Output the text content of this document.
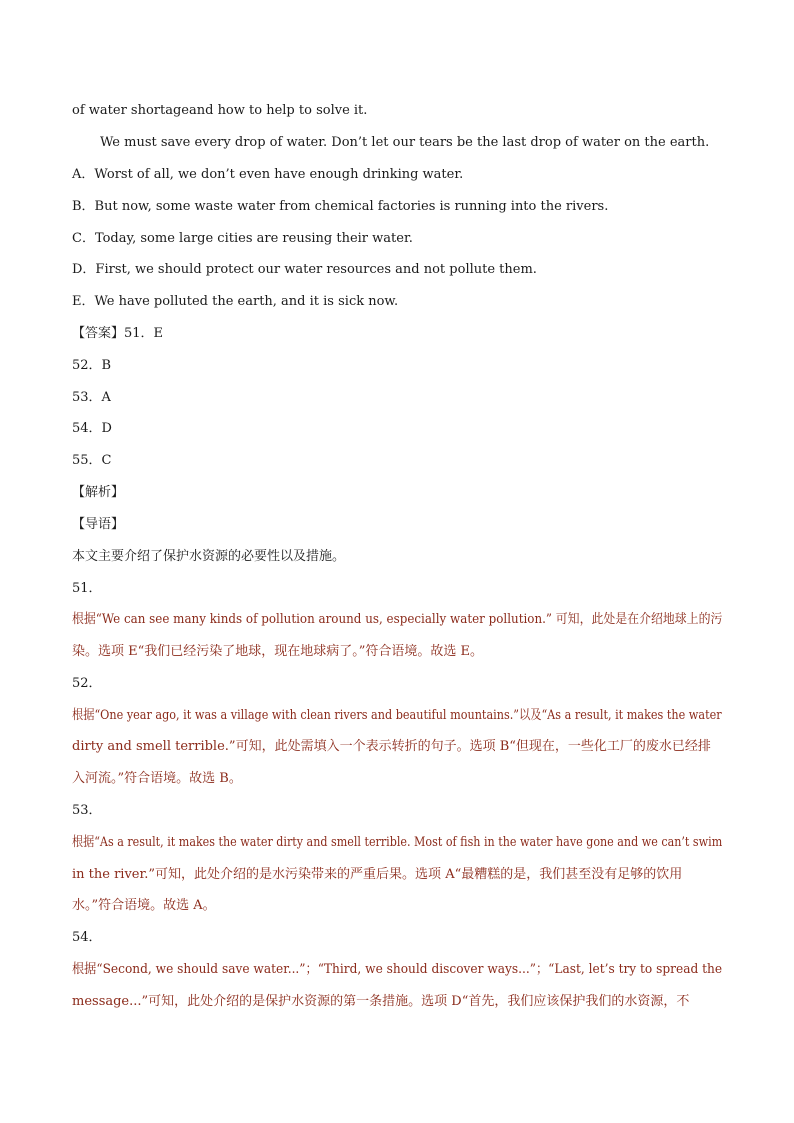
of water shortageand how to help to solve it.
We must save every drop of water. Don’t let our tears be the last drop of water on the earth.
A．Worst of all, we don’t even have enough drinking water.
B．But now, some waste water from chemical factories is running into the rivers.
C．Today, some large cities are reusing their water.
D．First, we should protect our water resources and not pollute them.
E．We have polluted the earth, and it is sick now.
【答案】51．E
52．B
53．A
54．D
55．C
【解析】
【导语】
本文主要介绍了保护水资源的必要性以及措施。
51．
根据“We can see many kinds of pollution around us, especially water pollution.” 可知，此处是在介绍地球上的污
染。选项 E“我们已经污染了地球，现在地球病了。”符合语境。故选 E。
52．
根据“One year ago, it was a village with clean rivers and beautiful mountains.”以及“As a result, it makes the water
dirty and smell terrible.”可知，此处需填入一个表示转折的句子。选项 B“但现在，一些化工厂的废水已经排
入河流。”符合语境。故选 B。
53．
根据“As a result, it makes the water dirty and smell terrible. Most of fish in the water have gone and we can’t swim
in the river.”可知，此处介绍的是水污染带来的严重后果。选项 A“最糟糕的是，我们甚至没有足够的饮用
水。”符合语境。故选 A。
54．
根据“Second, we should save water...”；“Third, we should discover ways...”；“Last, let’s try to spread the
message...”可知，此处介绍的是保护水资源的第一条措施。选项 D“首先，我们应该保护我们的水资源，不
